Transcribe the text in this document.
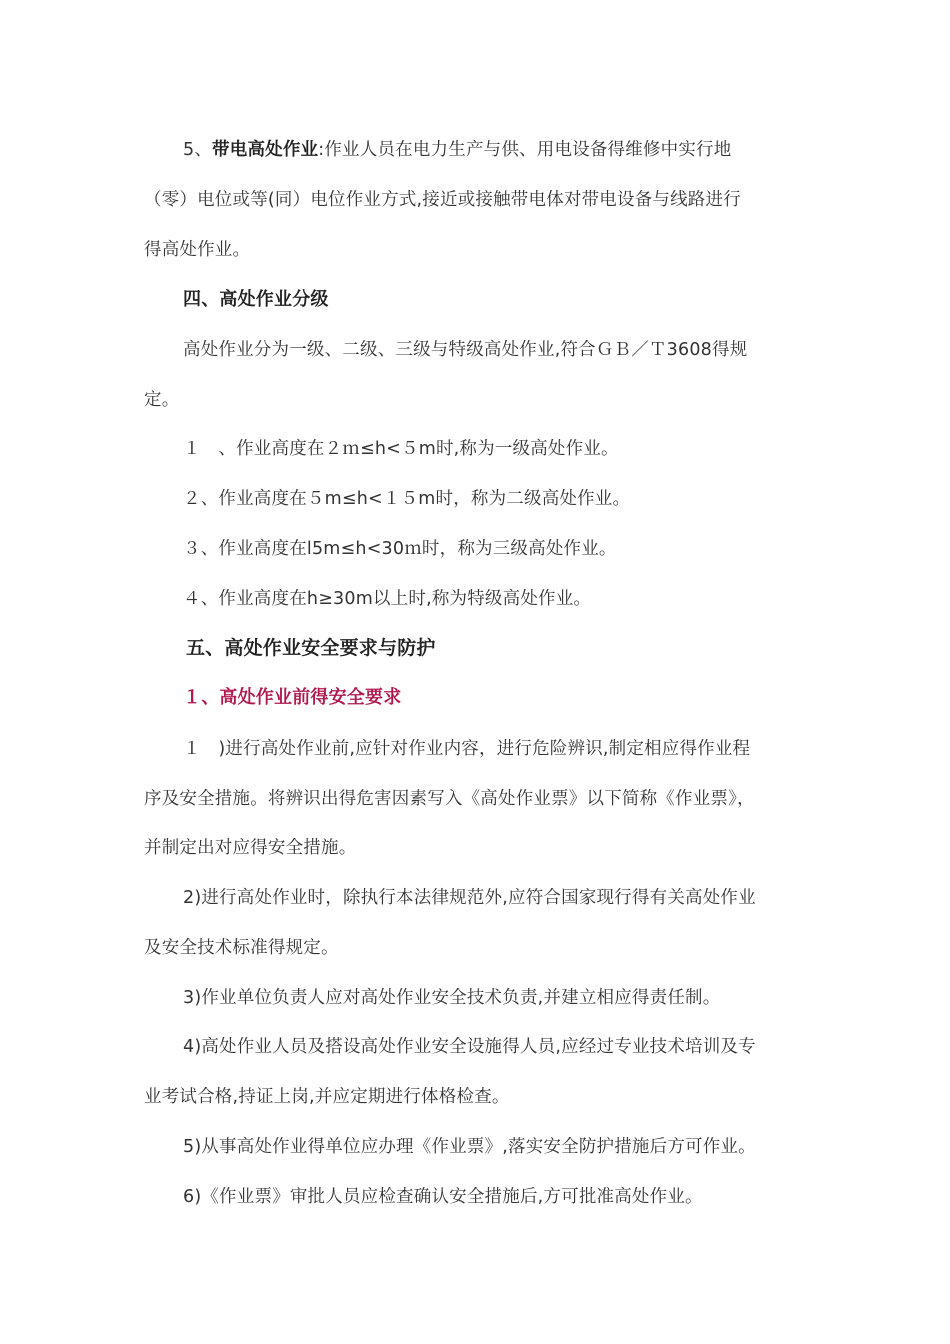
5、带电高处作业:作业人员在电力生产与供、用电设备得维修中实行地
（零）电位或等(同）电位作业方式,接近或接触带电体对带电设备与线路进行
得高处作业。
四、高处作业分级
高处作业分为一级、二级、三级与特级高处作业,符合ＧＢ／Ｔ3608得规
定。
１　、作业高度在２ｍ≤h<５m时,称为一级高处作业。
２、作业高度在５m≤h<１５m时，称为二级高处作业。
３、作业高度在l5m≤h<30ｍ时，称为三级高处作业。
４、作业高度在h≥30m以上时,称为特级高处作业。
五、高处作业安全要求与防护
１、高处作业前得安全要求
１　)进行高处作业前,应针对作业内容，进行危险辨识,制定相应得作业程
序及安全措施。将辨识出得危害因素写入《高处作业票》以下简称《作业票》，
并制定出对应得安全措施。
2)进行高处作业时，除执行本法律规范外,应符合国家现行得有关高处作业
及安全技术标准得规定。
3)作业单位负责人应对高处作业安全技术负责,并建立相应得责任制。
4)高处作业人员及搭设高处作业安全设施得人员,应经过专业技术培训及专
业考试合格,持证上岗,并应定期进行体格检查。
5)从事高处作业得单位应办理《作业票》,落实安全防护措施后方可作业。
6)《作业票》审批人员应检查确认安全措施后,方可批准高处作业。
